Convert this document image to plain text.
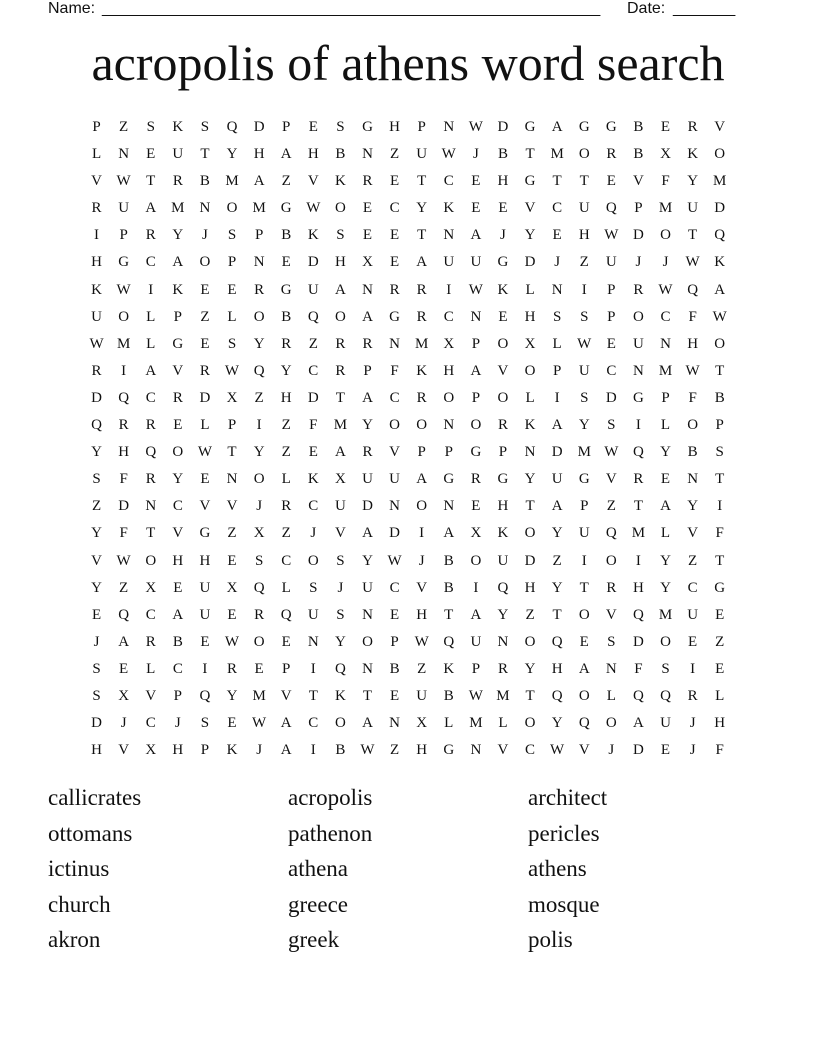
Name: ________________________________________________________ Date: _______
acropolis of athens word search
P Z S K S Q D P E S G H P N W D G A G G B E R V
L N E U T Y H A H B N Z U W J B T M O R B X K O
V W T R B M A Z V K R E T C E H G T T E V F Y M
R U A M N O M G W O E C Y K E E V C U Q P M U D
I P R Y J S P B K S E E T N A J Y E H W D O T Q
H G C A O P N E D H X E A U U G D J Z U J J W K
K W I K E E R G U A N R R I W K L N I P R W Q A
U O L P Z L O B Q O A G R C N E H S S P O C F W
W M L G E S Y R Z R R N M X P O X L W E U N H O
R I A V R W Q Y C R P F K H A V O P U C N M W T
D Q C R D X Z H D T A C R O P O L I S D G P F B
Q R R E L P I Z F M Y O O N O R K A Y S I L O P
Y H Q O W T Y Z E A R V P P G P N D M W Q Y B S
S F R Y E N O L K X U U A G R G Y U G V R E N T
Z D N C V V J R C U D N O N E H T A P Z T A Y I
Y F T V G Z X Z J V A D I A X K O Y U Q M L V F
V W O H H E S C O S Y W J B O U D Z I O I Y Z T
Y Z X E U X Q L S J U C V B I Q H Y T R H Y C G
E Q C A U E R Q U S N E H T A Y Z T O V Q M U E
J A R B E W O E N Y O P W Q U N O Q E S D O E Z
S E L C I R E P I Q N B Z K P R Y H A N F S I E
S X V P Q Y M V T K T E U B W M T Q O L Q Q R L
D J C J S E W A C O A N X L M L O Y Q O A U J H
H V X H P K J A I B W Z H G N V C W V J D E J F
callicrates
ottomans
ictinus
church
akron
acropolis
pathenon
athena
greece
greek
architect
pericles
athens
mosque
polis
